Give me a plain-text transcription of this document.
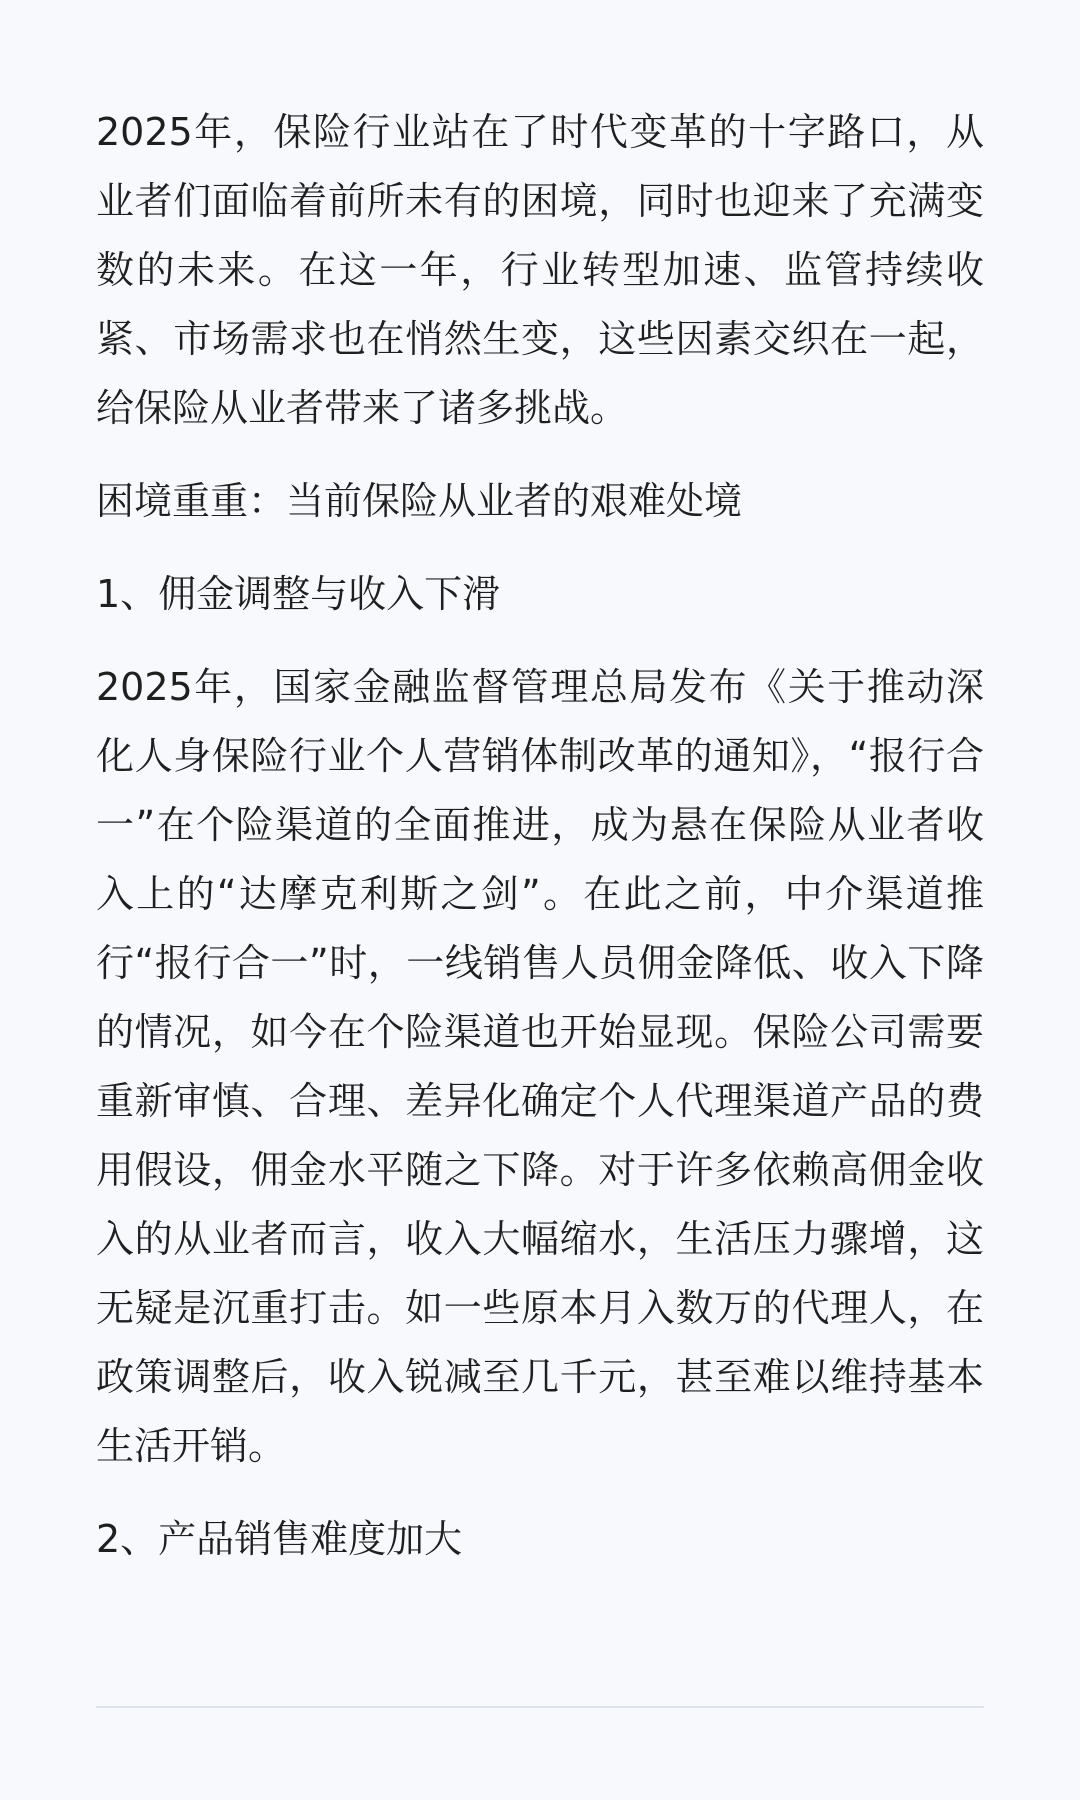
2025年，保险行业站在了时代变革的十字路口，从业者们面临着前所未有的困境，同时也迎来了充满变数的未来。在这一年，行业转型加速、监管持续收紧、市场需求也在悄然生变，这些因素交织在一起，给保险从业者带来了诸多挑战。

困境重重：当前保险从业者的艰难处境
1、佣金调整与收入下滑

2025年，国家金融监督管理总局发布《关于推动深化人身保险行业个人营销体制改革的通知》，“报行合一”在个险渠道的全面推进，成为悬在保险从业者收入上的“达摩克利斯之剑”。在此之前，中介渠道推行“报行合一”时，一线销售人员佣金降低、收入下降的情况，如今在个险渠道也开始显现。保险公司需要重新审慎、合理、差异化确定个人代理渠道产品的费用假设，佣金水平随之下降。对于许多依赖高佣金收入的从业者而言，收入大幅缩水，生活压力骤增，这无疑是沉重打击。如一些原本月入数万的代理人，在政策调整后，收入锐减至几千元，甚至难以维持基本生活开销。

2、产品销售难度加大
